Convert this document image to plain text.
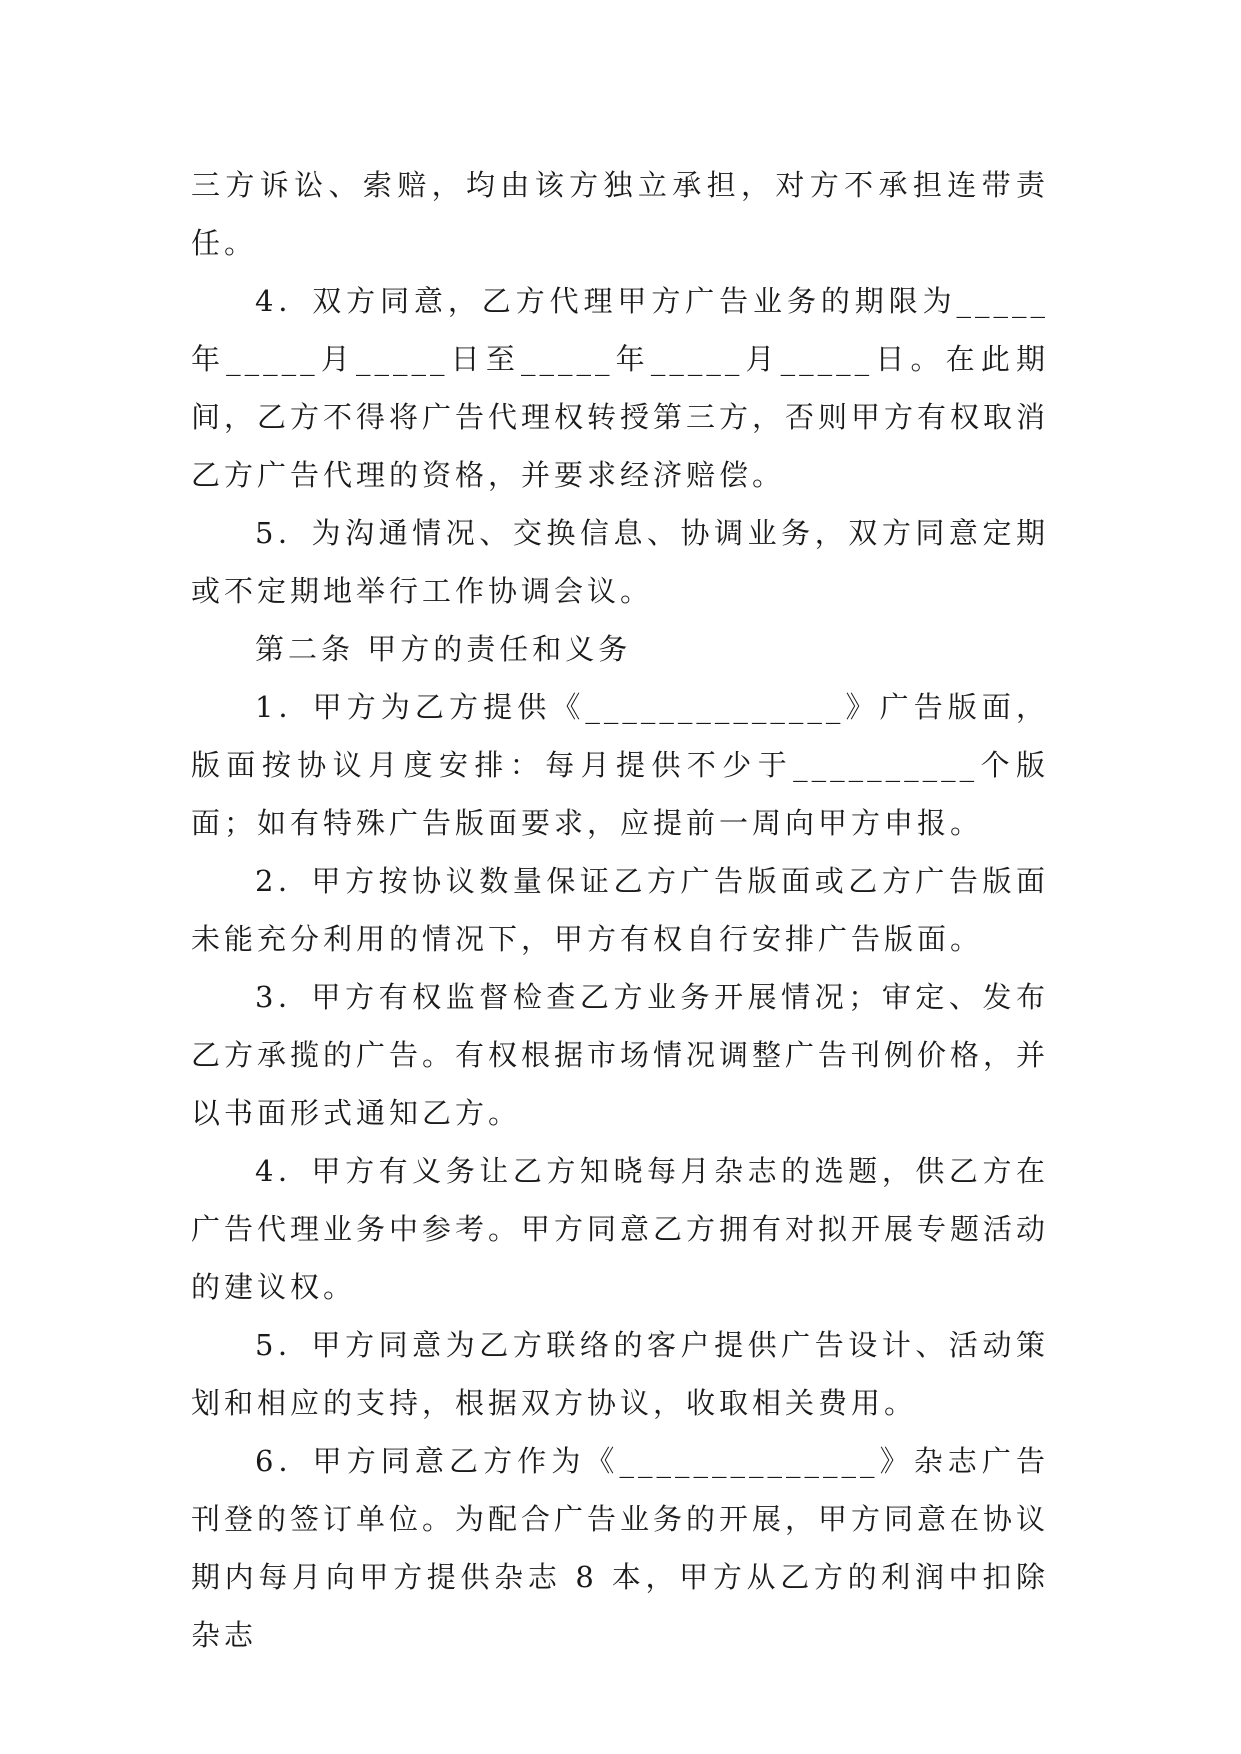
三方诉讼、索赔，均由该方独立承担，对方不承担连带责任。

4．双方同意，乙方代理甲方广告业务的期限为_____年_____月_____日至_____年_____月_____日。在此期间，乙方不得将广告代理权转授第三方，否则甲方有权取消乙方广告代理的资格，并要求经济赔偿。

5．为沟通情况、交换信息、协调业务，双方同意定期或不定期地举行工作协调会议。

第二条 甲方的责任和义务

1．甲方为乙方提供《______________》广告版面，版面按协议月度安排：每月提供不少于__________个版面；如有特殊广告版面要求，应提前一周向甲方申报。

2．甲方按协议数量保证乙方广告版面或乙方广告版面未能充分利用的情况下，甲方有权自行安排广告版面。

3．甲方有权监督检查乙方业务开展情况；审定、发布乙方承揽的广告。有权根据市场情况调整广告刊例价格，并以书面形式通知乙方。

4．甲方有义务让乙方知晓每月杂志的选题，供乙方在广告代理业务中参考。甲方同意乙方拥有对拟开展专题活动的建议权。

5．甲方同意为乙方联络的客户提供广告设计、活动策划和相应的支持，根据双方协议，收取相关费用。

6．甲方同意乙方作为《______________》杂志广告刊登的签订单位。为配合广告业务的开展，甲方同意在协议期内每月向甲方提供杂志 8 本，甲方从乙方的利润中扣除杂志
